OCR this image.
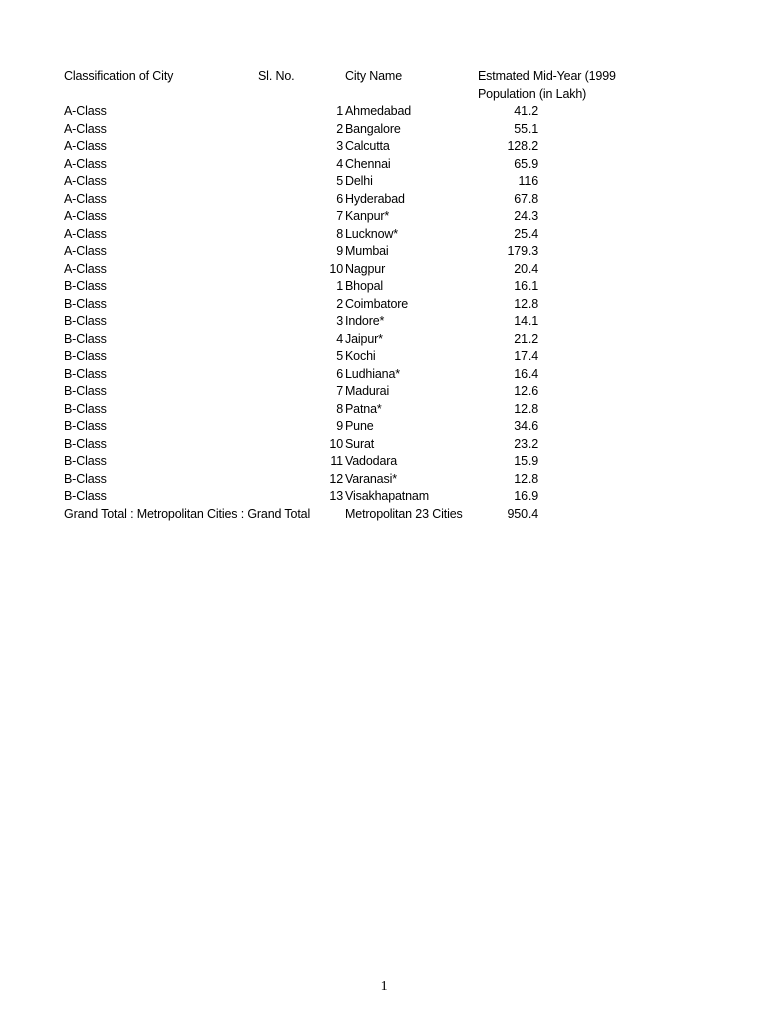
Classification of City	Sl. No.	City Name	Estmated Mid-Year (1999
Population (in Lakh)
A-Class	1 Ahmedabad	41.2
A-Class	2 Bangalore	55.1
A-Class	3 Calcutta	128.2
A-Class	4 Chennai	65.9
A-Class	5 Delhi	116
A-Class	6 Hyderabad	67.8
A-Class	7 Kanpur*	24.3
A-Class	8 Lucknow*	25.4
A-Class	9 Mumbai	179.3
A-Class	10 Nagpur	20.4
B-Class	1 Bhopal	16.1
B-Class	2 Coimbatore	12.8
B-Class	3 Indore*	14.1
B-Class	4 Jaipur*	21.2
B-Class	5 Kochi	17.4
B-Class	6 Ludhiana*	16.4
B-Class	7 Madurai	12.6
B-Class	8 Patna*	12.8
B-Class	9 Pune	34.6
B-Class	10 Surat	23.2
B-Class	11 Vadodara	15.9
B-Class	12 Varanasi*	12.8
B-Class	13 Visakhapatnam	16.9
Grand Total : Metropolitan Cities : Grand Total	Metropolitan 23 Cities	950.4
1
